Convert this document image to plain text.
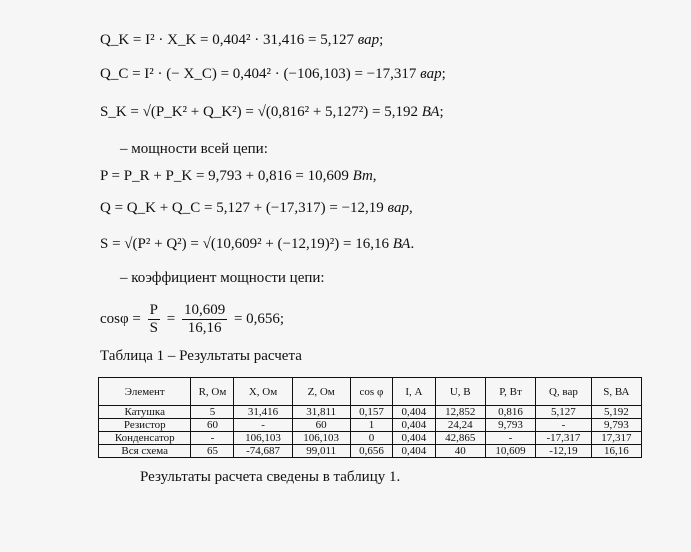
Q_K = I² · X_K = 0,404² · 31,416 = 5,127 вар;
Q_C = I² · (− X_C) = 0,404² · (−106,103) = −17,317 вар;
S_K = √(P_K² + Q_K²) = √(0,816² + 5,127²) = 5,192 ВА;
– мощности всей цепи:
P = P_R + P_K = 9,793 + 0,816 = 10,609 Вт,
Q = Q_K + Q_C = 5,127 + (−17,317) = −12,19 вар,
S = √(P² + Q²) = √(10,609² + (−12,19)²) = 16,16 ВА.
– коэффициент мощности цепи:
$\cos\varphi = \frac{P}{S} = \frac{10,609}{16,16} = 0,656$;
Таблица 1 – Результаты расчета
Элемент	R, Ом	X, Ом	Z, Ом	cos φ	I, А	U, В	P, Вт	Q, вар	S, ВА
Катушка	5	31,416	31,811	0,157	0,404	12,852	0,816	5,127	5,192
Резистор	60	-	60	1	0,404	24,24	9,793	-	9,793
Конденсатор	-	106,103	106,103	0	0,404	42,865	-	-17,317	17,317
Вся схема	65	-74,687	99,011	0,656	0,404	40	10,609	-12,19	16,16
Результаты расчета сведены в таблицу 1.
